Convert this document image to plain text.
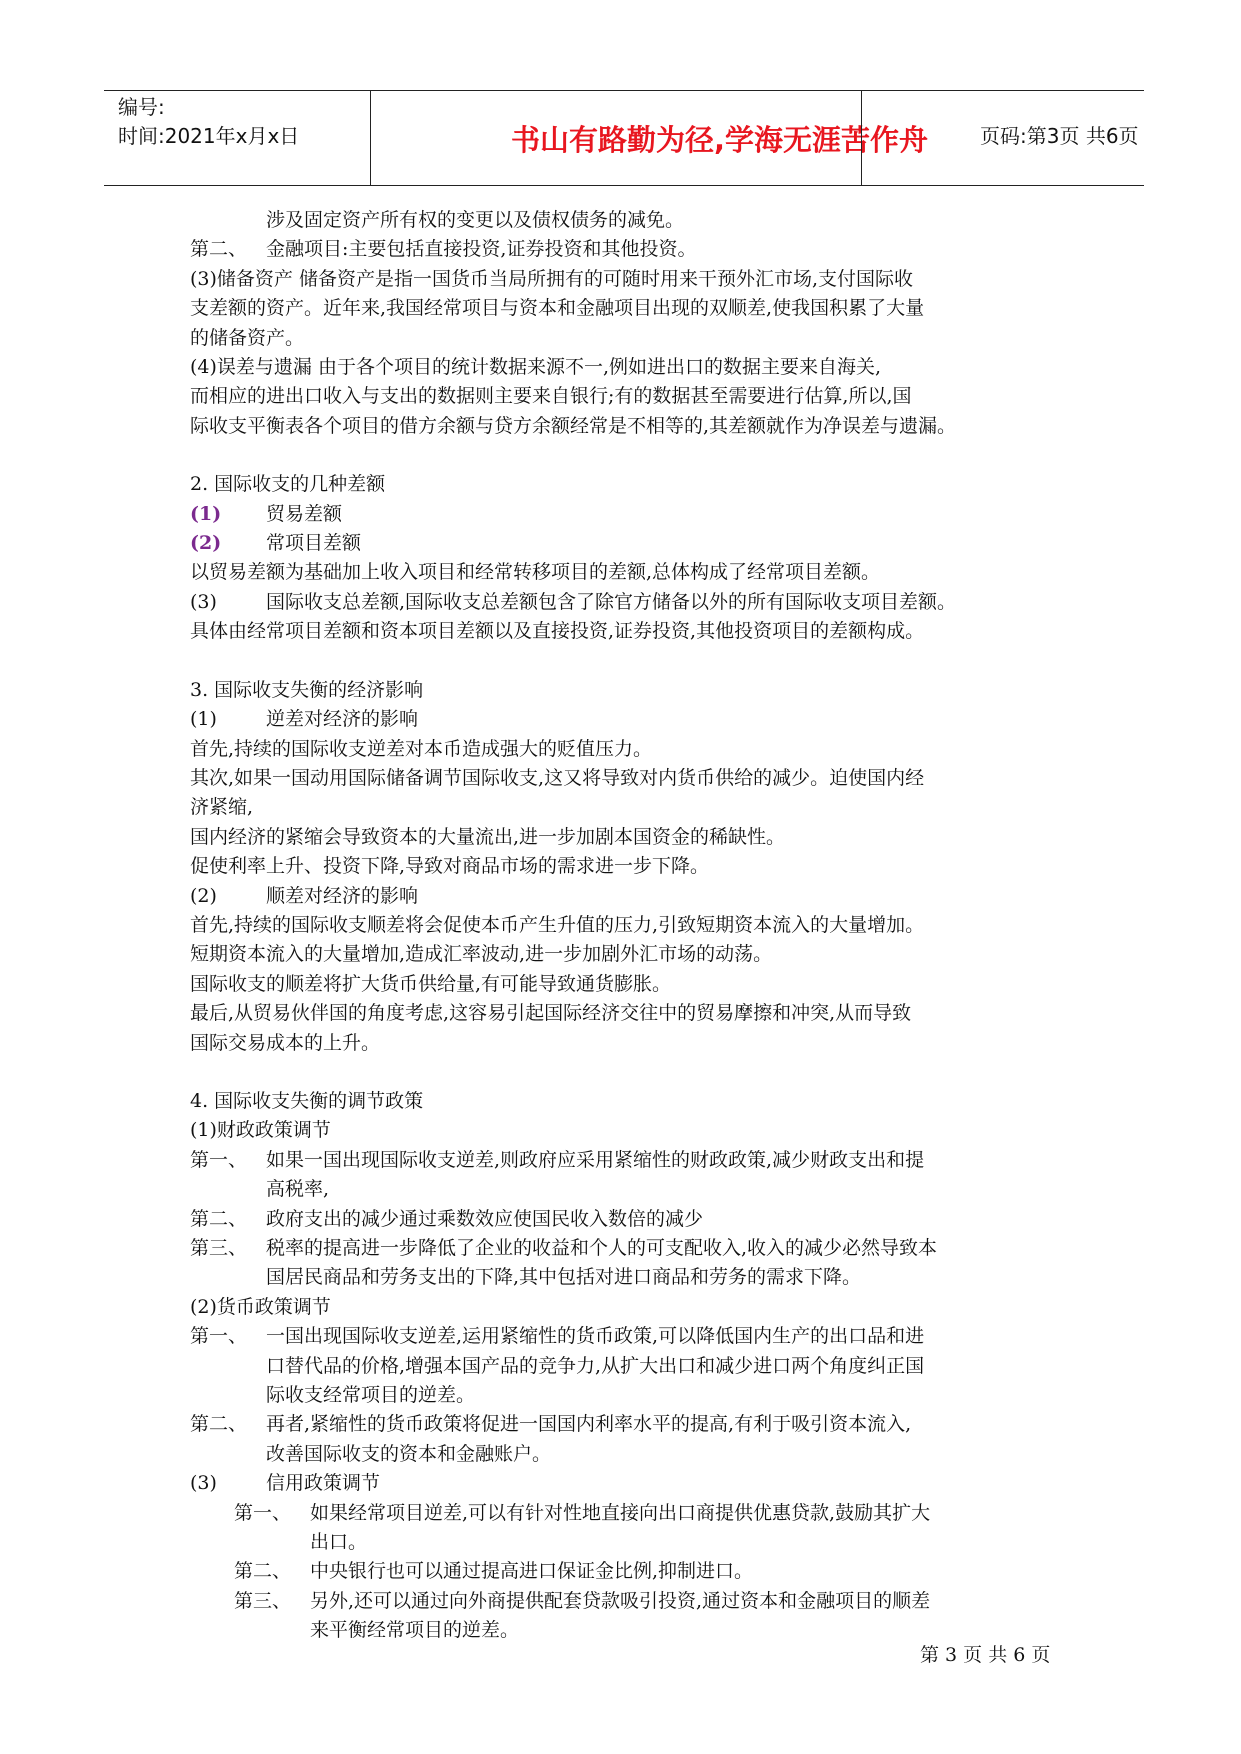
编号:
时间:2021年x月x日	书山有路勤为径,学海无涯苦作舟	页码:第3页 共6页
涉及固定资产所有权的变更以及债权债务的减免。
第二、 金融项目:主要包括直接投资,证券投资和其他投资。
(3)储备资产 储备资产是指一国货币当局所拥有的可随时用来干预外汇市场,支付国际收
支差额的资产。近年来,我国经常项目与资本和金融项目出现的双顺差,使我国积累了大量
的储备资产。
(4)误差与遗漏 由于各个项目的统计数据来源不一,例如进出口的数据主要来自海关,
而相应的进出口收入与支出的数据则主要来自银行;有的数据甚至需要进行估算,所以,国
际收支平衡表各个项目的借方余额与贷方余额经常是不相等的,其差额就作为净误差与遗漏。
2. 国际收支的几种差额
(1)	贸易差额
(2)	常项目差额
以贸易差额为基础加上收入项目和经常转移项目的差额,总体构成了经常项目差额。
(3)	国际收支总差额,国际收支总差额包含了除官方储备以外的所有国际收支项目差额。
具体由经常项目差额和资本项目差额以及直接投资,证券投资,其他投资项目的差额构成。
3. 国际收支失衡的经济影响
(1)	逆差对经济的影响
首先,持续的国际收支逆差对本币造成强大的贬值压力。
其次,如果一国动用国际储备调节国际收支,这又将导致对内货币供给的减少。迫使国内经
济紧缩,
国内经济的紧缩会导致资本的大量流出,进一步加剧本国资金的稀缺性。
促使利率上升、投资下降,导致对商品市场的需求进一步下降。
(2)	顺差对经济的影响
首先,持续的国际收支顺差将会促使本币产生升值的压力,引致短期资本流入的大量增加。
短期资本流入的大量增加,造成汇率波动,进一步加剧外汇市场的动荡。
国际收支的顺差将扩大货币供给量,有可能导致通货膨胀。
最后,从贸易伙伴国的角度考虑,这容易引起国际经济交往中的贸易摩擦和冲突,从而导致
国际交易成本的上升。
4. 国际收支失衡的调节政策
(1)财政政策调节
第一、 如果一国出现国际收支逆差,则政府应采用紧缩性的财政政策,减少财政支出和提
高税率,
第二、 政府支出的减少通过乘数效应使国民收入数倍的减少
第三、 税率的提高进一步降低了企业的收益和个人的可支配收入,收入的减少必然导致本
国居民商品和劳务支出的下降,其中包括对进口商品和劳务的需求下降。
(2)货币政策调节
第一、 一国出现国际收支逆差,运用紧缩性的货币政策,可以降低国内生产的出口品和进
口替代品的价格,增强本国产品的竞争力,从扩大出口和减少进口两个角度纠正国
际收支经常项目的逆差。
第二、 再者,紧缩性的货币政策将促进一国国内利率水平的提高,有利于吸引资本流入,
改善国际收支的资本和金融账户。
(3)	信用政策调节
第一、 如果经常项目逆差,可以有针对性地直接向出口商提供优惠贷款,鼓励其扩大
出口。
第二、 中央银行也可以通过提高进口保证金比例,抑制进口。
第三、 另外,还可以通过向外商提供配套贷款吸引投资,通过资本和金融项目的顺差
来平衡经常项目的逆差。
第 3 页 共 6 页
